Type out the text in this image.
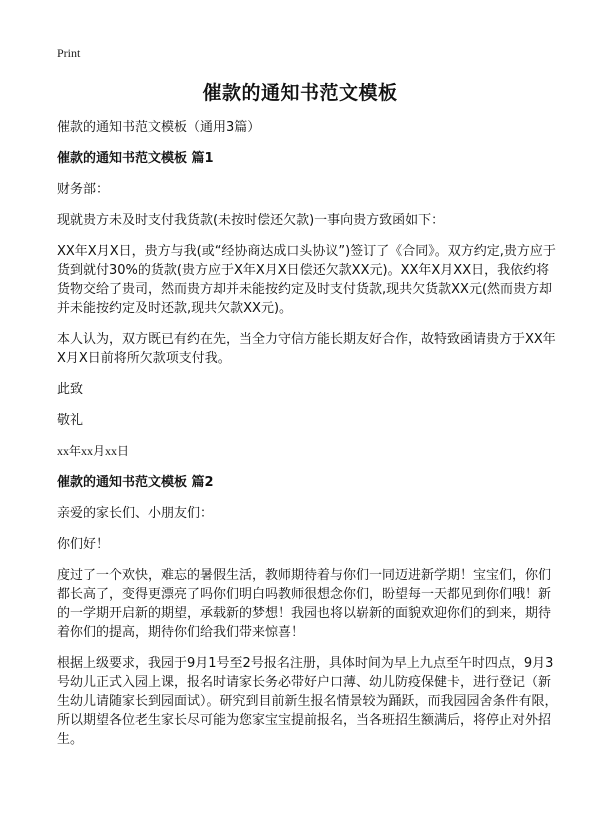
Print
催款的通知书范文模板

催款的通知书范文模板（通用3篇）

催款的通知书范文模板 篇1

财务部：

现就贵方未及时支付我货款(未按时偿还欠款)一事向贵方致函如下：

XX年X月X日，贵方与我(或“经协商达成口头协议”)签订了《合同》。双方约定,贵方应于货到就付30%的货款(贵方应于X年X月X日偿还欠款XX元)。XX年X月XX日，我依约将货物交给了贵司，然而贵方却并未能按约定及时支付货款,现共欠货款XX元(然而贵方却并未能按约定及时还款,现共欠款XX元)。

本人认为，双方既已有约在先，当全力守信方能长期友好合作，故特致函请贵方于XX年X月X日前将所欠款项支付我。

此致

敬礼

xx年xx月xx日

催款的通知书范文模板 篇2

亲爱的家长们、小朋友们：

你们好！

度过了一个欢快，难忘的暑假生活，教师期待着与你们一同迈进新学期！宝宝们，你们都长高了，变得更漂亮了吗你们明白吗教师很想念你们，盼望每一天都见到你们哦！新的一学期开启新的期望，承载新的梦想！我园也将以崭新的面貌欢迎你们的到来，期待着你们的提高，期待你们给我们带来惊喜！

根据上级要求，我园于9月1号至2号报名注册，具体时间为早上九点至午时四点，9月3号幼儿正式入园上课，报名时请家长务必带好户口薄、幼儿防疫保健卡，进行登记（新生幼儿请随家长到园面试）。研究到目前新生报名情景较为踊跃，而我园园舍条件有限，所以期望各位老生家长尽可能为您家宝宝提前报名，当各班招生额满后，将停止对外招生。
